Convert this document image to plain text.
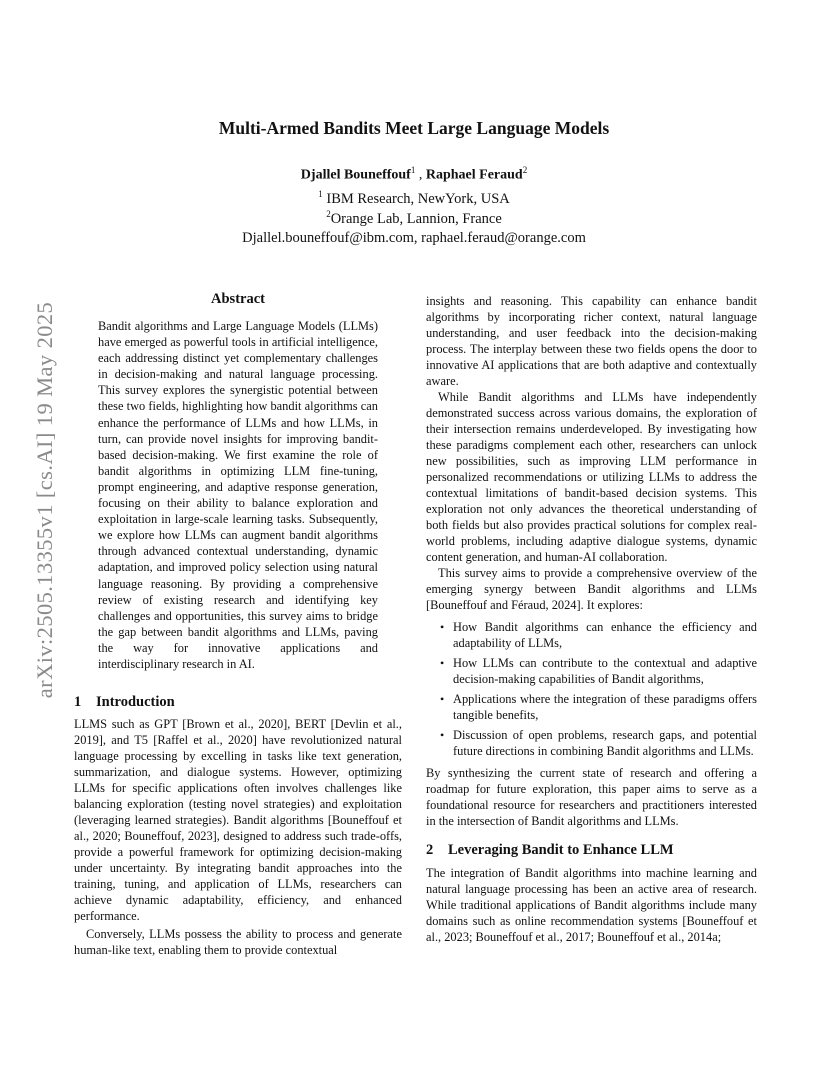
arXiv:2505.13355v1 [cs.AI] 19 May 2025
Multi-Armed Bandits Meet Large Language Models
Djallel Bouneffouf$^1$ , Raphael Feraud$^2$
$^1$ IBM Research, NewYork, USA
$^2$Orange Lab, Lannion, France
Djallel.bouneffouf@ibm.com, raphael.feraud@orange.com
Abstract

Bandit algorithms and Large Language Models (LLMs) have emerged as powerful tools in artificial intelligence, each addressing distinct yet complementary challenges in decision-making and natural language processing. This survey explores the synergistic potential between these two fields, highlighting how bandit algorithms can enhance the performance of LLMs and how LLMs, in turn, can provide novel insights for improving bandit-based decision-making. We first examine the role of bandit algorithms in optimizing LLM fine-tuning, prompt engineering, and adaptive response generation, focusing on their ability to balance exploration and exploitation in large-scale learning tasks. Subsequently, we explore how LLMs can augment bandit algorithms through advanced contextual understanding, dynamic adaptation, and improved policy selection using natural language reasoning. By providing a comprehensive review of existing research and identifying key challenges and opportunities, this survey aims to bridge the gap between bandit algorithms and LLMs, paving the way for innovative applications and interdisciplinary research in AI.

1 Introduction

LLMS such as GPT [Brown et al., 2020], BERT [Devlin et al., 2019], and T5 [Raffel et al., 2020] have revolutionized natural language processing by excelling in tasks like text generation, summarization, and dialogue systems. However, optimizing LLMs for specific applications often involves challenges like balancing exploration (testing novel strategies) and exploitation (leveraging learned strategies). Bandit algorithms [Bouneffouf et al., 2020; Bouneffouf, 2023], designed to address such trade-offs, provide a powerful framework for optimizing decision-making under uncertainty. By integrating bandit approaches into the training, tuning, and application of LLMs, researchers can achieve dynamic adaptability, efficiency, and enhanced performance.

Conversely, LLMs possess the ability to process and generate human-like text, enabling them to provide contextual

insights and reasoning. This capability can enhance bandit algorithms by incorporating richer context, natural language understanding, and user feedback into the decision-making process. The interplay between these two fields opens the door to innovative AI applications that are both adaptive and contextually aware.

While Bandit algorithms and LLMs have independently demonstrated success across various domains, the exploration of their intersection remains underdeveloped. By investigating how these paradigms complement each other, researchers can unlock new possibilities, such as improving LLM performance in personalized recommendations or utilizing LLMs to address the contextual limitations of bandit-based decision systems. This exploration not only advances the theoretical understanding of both fields but also provides practical solutions for complex real-world problems, including adaptive dialogue systems, dynamic content generation, and human-AI collaboration.

This survey aims to provide a comprehensive overview of the emerging synergy between Bandit algorithms and LLMs [Bouneffouf and Féraud, 2024]. It explores:

• How Bandit algorithms can enhance the efficiency and adaptability of LLMs,
• How LLMs can contribute to the contextual and adaptive decision-making capabilities of Bandit algorithms,
• Applications where the integration of these paradigms offers tangible benefits,
• Discussion of open problems, research gaps, and potential future directions in combining Bandit algorithms and LLMs.

By synthesizing the current state of research and offering a roadmap for future exploration, this paper aims to serve as a foundational resource for researchers and practitioners interested in the intersection of Bandit algorithms and LLMs.

2 Leveraging Bandit to Enhance LLM

The integration of Bandit algorithms into machine learning and natural language processing has been an active area of research. While traditional applications of Bandit algorithms include many domains such as online recommendation systems [Bouneffouf et al., 2023; Bouneffouf et al., 2017; Bouneffouf et al., 2014a;
